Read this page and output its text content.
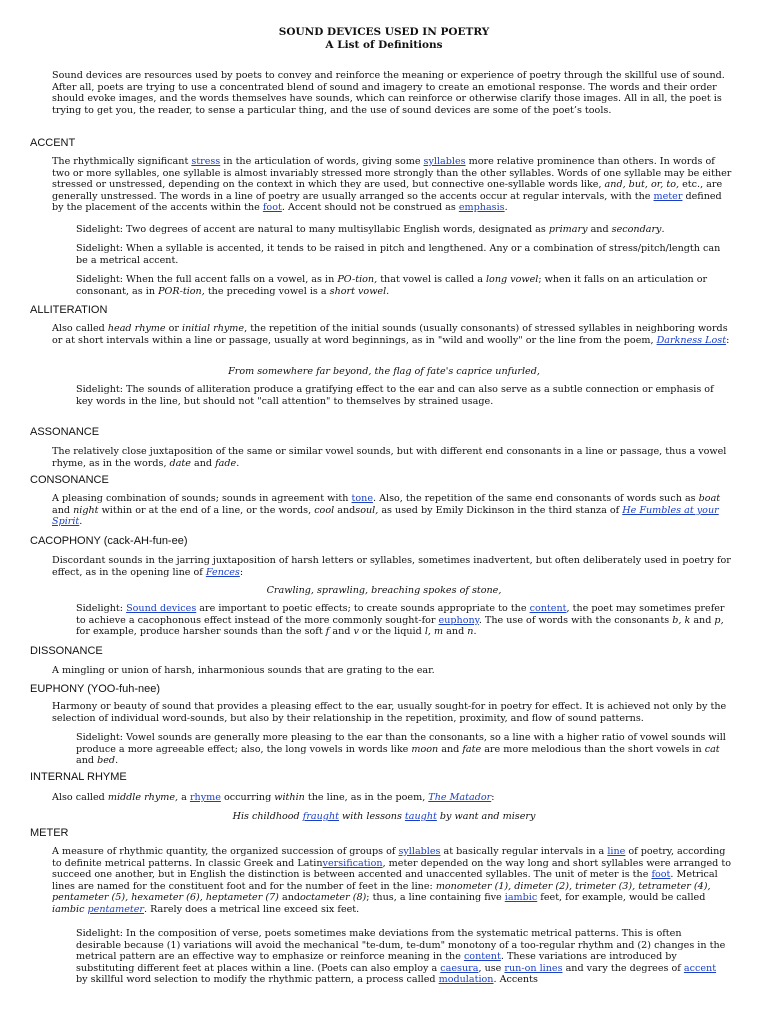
SOUND DEVICES USED IN POETRY
A List of Definitions

Sound devices are resources used by poets to convey and reinforce the meaning or experience of poetry through the skillful use of sound. After all, poets are trying to use a concentrated blend of sound and imagery to create an emotional response. The words and their order should evoke images, and the words themselves have sounds, which can reinforce or otherwise clarify those images. All in all, the poet is trying to get you, the reader, to sense a particular thing, and the use of sound devices are some of the poet’s tools.

ACCENT

The rhythmically significant stress in the articulation of words, giving some syllables more relative prominence than others. In words of two or more syllables, one syllable is almost invariably stressed more strongly than the other syllables. Words of one syllable may be either stressed or unstressed, depending on the context in which they are used, but connective one-syllable words like, and, but, or, to, etc., are generally unstressed. The words in a line of poetry are usually arranged so the accents occur at regular intervals, with the meter defined by the placement of the accents within the foot. Accent should not be construed as emphasis.

Sidelight: Two degrees of accent are natural to many multisyllabic English words, designated as primary and secondary.

Sidelight: When a syllable is accented, it tends to be raised in pitch and lengthened. Any or a combination of stress/pitch/length can be a metrical accent.

Sidelight: When the full accent falls on a vowel, as in PO-tion, that vowel is called a long vowel; when it falls on an articulation or consonant, as in POR-tion, the preceding vowel is a short vowel.

ALLITERATION

Also called head rhyme or initial rhyme, the repetition of the initial sounds (usually consonants) of stressed syllables in neighboring words or at short intervals within a line or passage, usually at word beginnings, as in "wild and woolly" or the line from the poem, Darkness Lost:

From somewhere far beyond, the flag of fate's caprice unfurled,

Sidelight: The sounds of alliteration produce a gratifying effect to the ear and can also serve as a subtle connection or emphasis of key words in the line, but should not "call attention" to themselves by strained usage.

ASSONANCE

The relatively close juxtaposition of the same or similar vowel sounds, but with different end consonants in a line or passage, thus a vowel rhyme, as in the words, date and fade.

CONSONANCE

A pleasing combination of sounds; sounds in agreement with tone. Also, the repetition of the same end consonants of words such as boat and night within or at the end of a line, or the words, cool andsoul, as used by Emily Dickinson in the third stanza of He Fumbles at your Spirit.

CACOPHONY (cack-AH-fun-ee)

Discordant sounds in the jarring juxtaposition of harsh letters or syllables, sometimes inadvertent, but often deliberately used in poetry for effect, as in the opening line of Fences:

Crawling, sprawling, breaching spokes of stone,

Sidelight: Sound devices are important to poetic effects; to create sounds appropriate to the content, the poet may sometimes prefer to achieve a cacophonous effect instead of the more commonly sought-for euphony. The use of words with the consonants b, k and p, for example, produce harsher sounds than the soft f and v or the liquid l, m and n.

DISSONANCE

A mingling or union of harsh, inharmonious sounds that are grating to the ear.

EUPHONY (YOO-fuh-nee)

Harmony or beauty of sound that provides a pleasing effect to the ear, usually sought-for in poetry for effect. It is achieved not only by the selection of individual word-sounds, but also by their relationship in the repetition, proximity, and flow of sound patterns.

Sidelight: Vowel sounds are generally more pleasing to the ear than the consonants, so a line with a higher ratio of vowel sounds will produce a more agreeable effect; also, the long vowels in words like moon and fate are more melodious than the short vowels in cat and bed.

INTERNAL RHYME

Also called middle rhyme, a rhyme occurring within the line, as in the poem, The Matador:

His childhood fraught with lessons taught by want and misery

METER

A measure of rhythmic quantity, the organized succession of groups of syllables at basically regular intervals in a line of poetry, according to definite metrical patterns. In classic Greek and Latinversification, meter depended on the way long and short syllables were arranged to succeed one another, but in English the distinction is between accented and unaccented syllables. The unit of meter is the foot. Metrical lines are named for the constituent foot and for the number of feet in the line: monometer (1), dimeter (2), trimeter (3), tetrameter (4), pentameter (5), hexameter (6), heptameter (7) andoctameter (8); thus, a line containing five iambic feet, for example, would be called iambic pentameter. Rarely does a metrical line exceed six feet.

Sidelight: In the composition of verse, poets sometimes make deviations from the systematic metrical patterns. This is often desirable because (1) variations will avoid the mechanical "te-dum, te-dum" monotony of a too-regular rhythm and (2) changes in the metrical pattern are an effective way to emphasize or reinforce meaning in the content. These variations are introduced by substituting different feet at places within a line. (Poets can also employ a caesura, use run-on lines and vary the degrees of accent by skillful word selection to modify the rhythmic pattern, a process called modulation. Accents
